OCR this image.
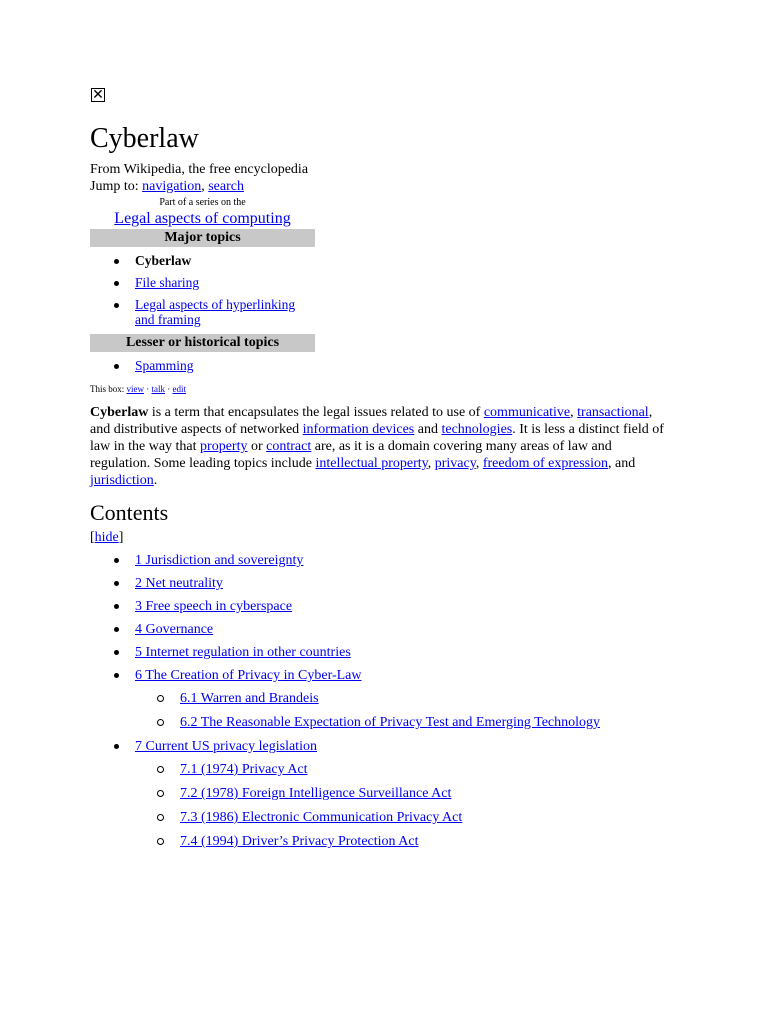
✕
Cyberlaw

From Wikipedia, the free encyclopedia

Jump to: navigation, search

Part of a series on the
Legal aspects of computing
Major topics
Cyberlaw
File sharing
Legal aspects of hyperlinking and framing
Lesser or historical topics
Spamming
This box: view · talk · edit

Cyberlaw is a term that encapsulates the legal issues related to use of communicative, transactional, and distributive aspects of networked information devices and technologies. It is less a distinct field of law in the way that property or contract are, as it is a domain covering many areas of law and regulation. Some leading topics include intellectual property, privacy, freedom of expression, and jurisdiction.

Contents
[hide]
1 Jurisdiction and sovereignty
2 Net neutrality
3 Free speech in cyberspace
4 Governance
5 Internet regulation in other countries
6 The Creation of Privacy in Cyber-Law
6.1 Warren and Brandeis
6.2 The Reasonable Expectation of Privacy Test and Emerging Technology
7 Current US privacy legislation
7.1 (1974) Privacy Act
7.2 (1978) Foreign Intelligence Surveillance Act
7.3 (1986) Electronic Communication Privacy Act
7.4 (1994) Driver’s Privacy Protection Act
